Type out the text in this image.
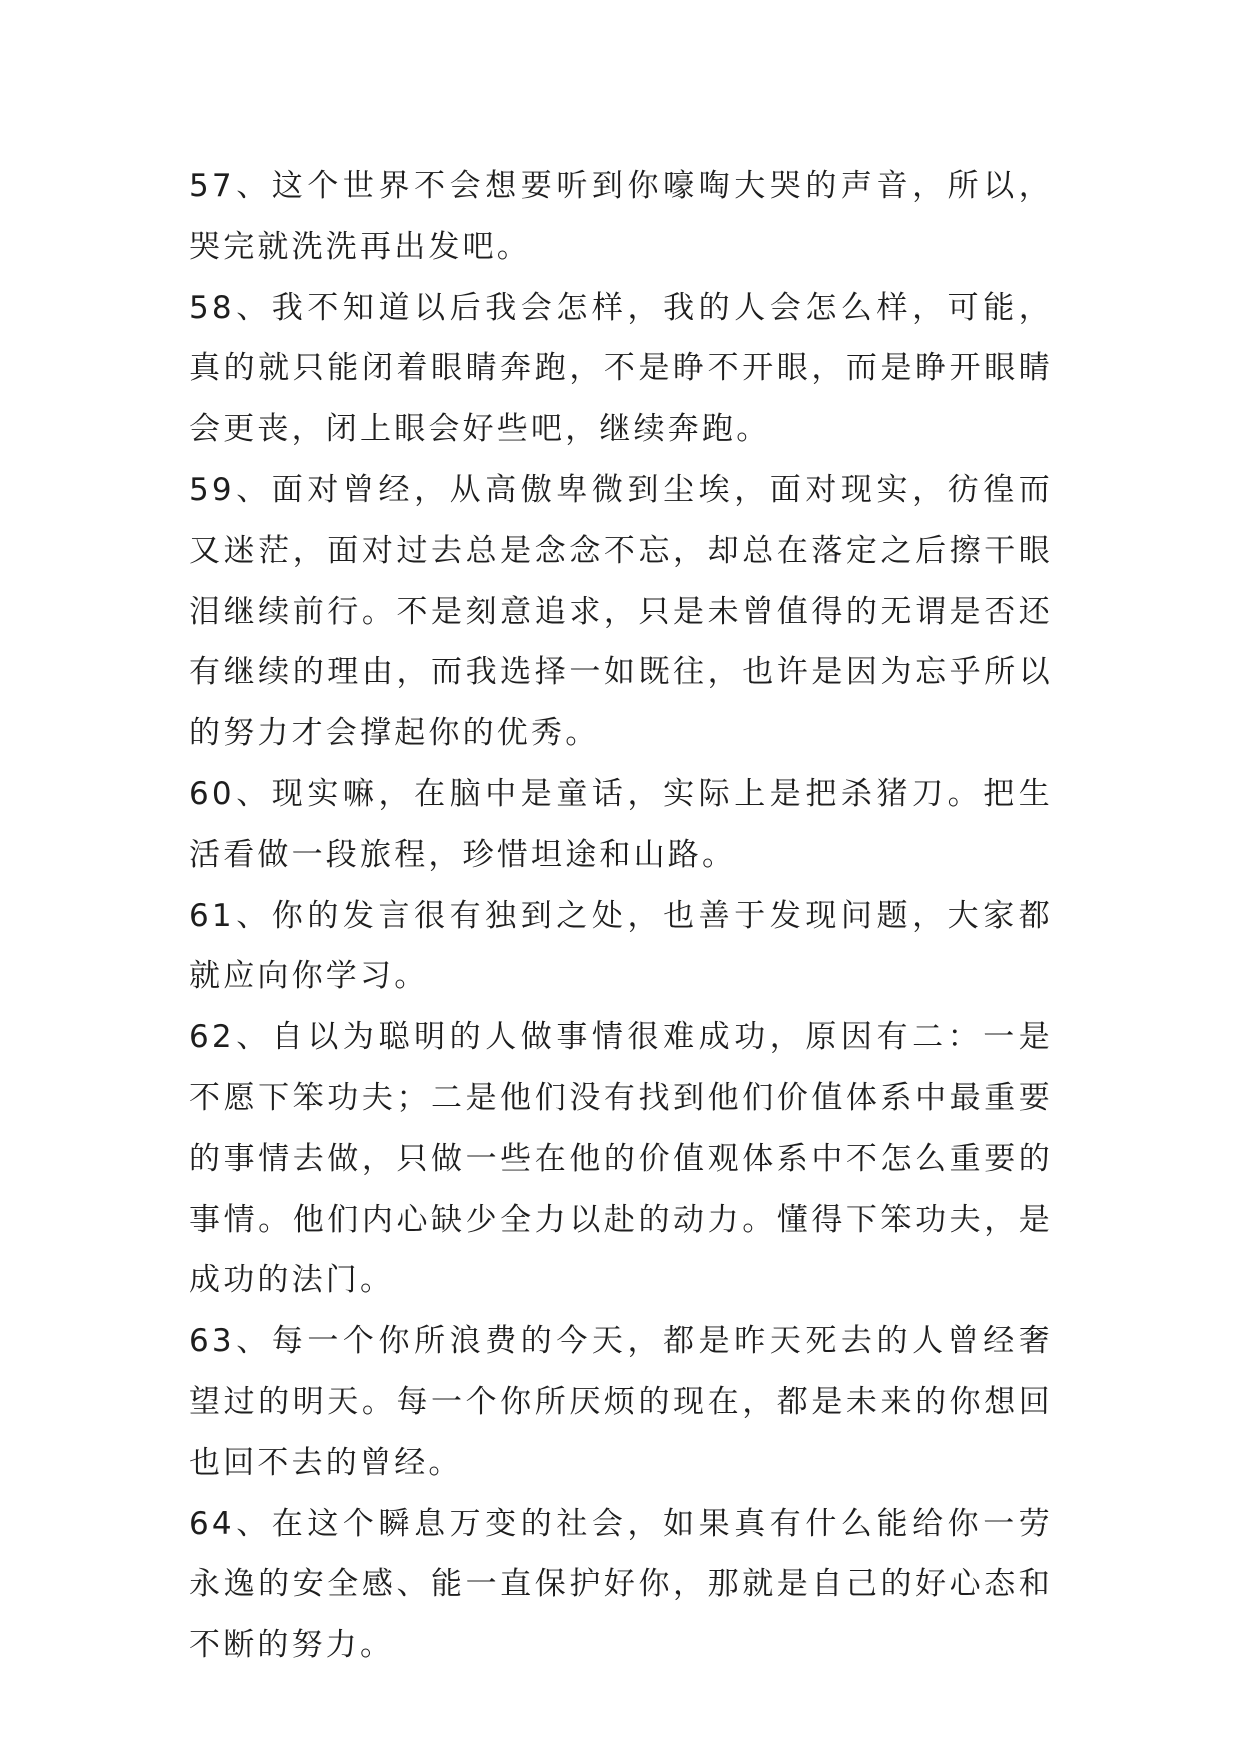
57、这个世界不会想要听到你嚎啕大哭的声音，所以，哭完就洗洗再出发吧。

58、我不知道以后我会怎样，我的人会怎么样，可能，真的就只能闭着眼睛奔跑，不是睁不开眼，而是睁开眼睛会更丧，闭上眼会好些吧，继续奔跑。

59、面对曾经，从高傲卑微到尘埃，面对现实，彷徨而又迷茫，面对过去总是念念不忘，却总在落定之后擦干眼泪继续前行。不是刻意追求，只是未曾值得的无谓是否还有继续的理由，而我选择一如既往，也许是因为忘乎所以的努力才会撑起你的优秀。

60、现实嘛，在脑中是童话，实际上是把杀猪刀。把生活看做一段旅程，珍惜坦途和山路。

61、你的发言很有独到之处，也善于发现问题，大家都就应向你学习。

62、自以为聪明的人做事情很难成功，原因有二：一是不愿下笨功夫；二是他们没有找到他们价值体系中最重要的事情去做，只做一些在他的价值观体系中不怎么重要的事情。他们内心缺少全力以赴的动力。懂得下笨功夫，是成功的法门。

63、每一个你所浪费的今天，都是昨天死去的人曾经奢望过的明天。每一个你所厌烦的现在，都是未来的你想回也回不去的曾经。

64、在这个瞬息万变的社会，如果真有什么能给你一劳永逸的安全感、能一直保护好你，那就是自己的好心态和不断的努力。
